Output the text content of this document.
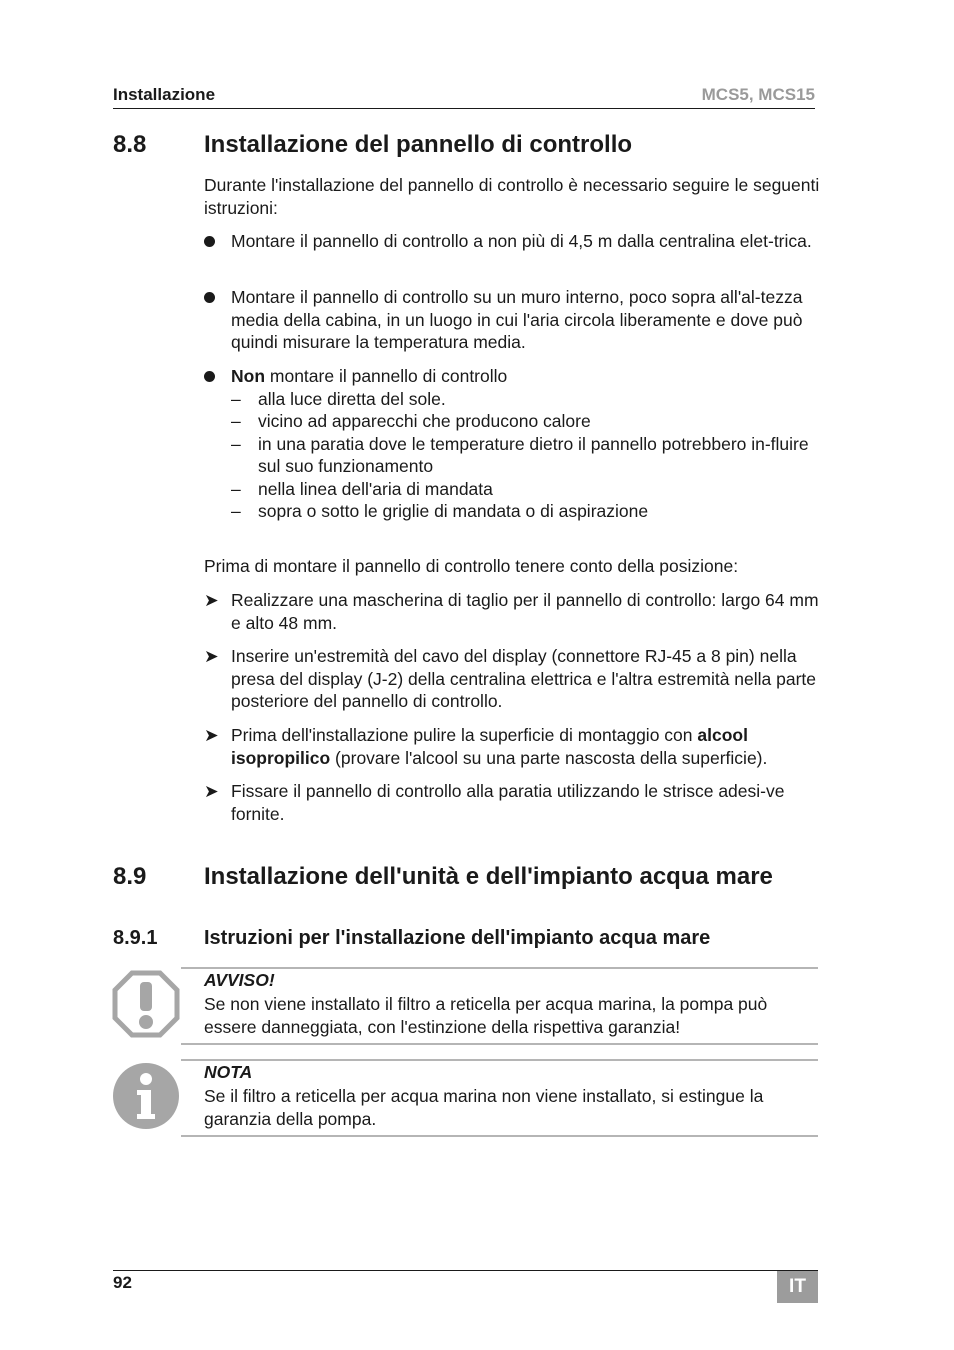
Installazione	MCS5, MCS15
8.8 Installazione del pannello di controllo
Durante l'installazione del pannello di controllo è necessario seguire le seguenti istruzioni:
Montare il pannello di controllo a non più di 4,5 m dalla centralina elet-trica.
Montare il pannello di controllo su un muro interno, poco sopra all'al-tezza media della cabina, in un luogo in cui l'aria circola liberamente e dove può quindi misurare la temperatura media.
Non montare il pannello di controllo
– alla luce diretta del sole.
– vicino ad apparecchi che producono calore
– in una paratia dove le temperature dietro il pannello potrebbero in-fluire sul suo funzionamento
– nella linea dell'aria di mandata
– sopra o sotto le griglie di mandata o di aspirazione
Prima di montare il pannello di controllo tenere conto della posizione:
➤ Realizzare una mascherina di taglio per il pannello di controllo: largo 64 mm e alto 48 mm.
➤ Inserire un'estremità del cavo del display (connettore RJ-45 a 8 pin) nella presa del display (J-2) della centralina elettrica e l'altra estremità nella parte posteriore del pannello di controllo.
➤ Prima dell'installazione pulire la superficie di montaggio con alcool isopropilico (provare l'alcool su una parte nascosta della superficie).
➤ Fissare il pannello di controllo alla paratia utilizzando le strisce adesi-ve fornite.
8.9 Installazione dell'unità e dell'impianto acqua mare
8.9.1 Istruzioni per l'installazione dell'impianto acqua mare
AVVISO!
Se non viene installato il filtro a reticella per acqua marina, la pompa può essere danneggiata, con l'estinzione della rispettiva garanzia!
NOTA
Se il filtro a reticella per acqua marina non viene installato, si estingue la garanzia della pompa.
92	IT
